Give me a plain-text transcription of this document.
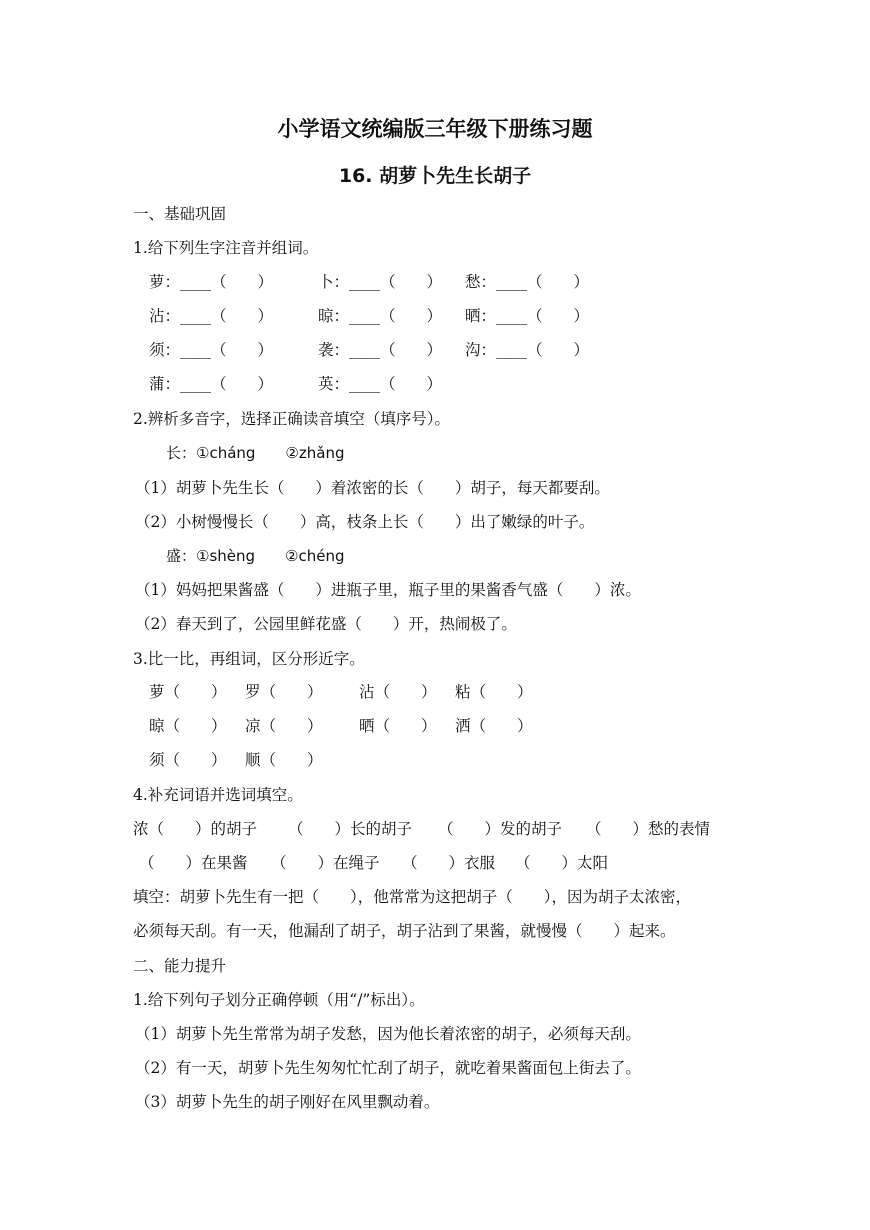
小学语文统编版三年级下册练习题
16. 胡萝卜先生长胡子
一、基础巩固
1.给下列生字注音并组词。
萝：____（　　）	卜：____（　　） 愁：____（　　）
沾：____（　　）	晾：____（　　） 晒：____（　　）
须：____（　　）	袭：____（　　） 沟：____（　　）
蒲：____（　　）	英：____（　　）
2.辨析多音字，选择正确读音填空（填序号）。
长：①cháng　　②zhǎng
（1）胡萝卜先生长（　　）着浓密的长（　　）胡子，每天都要刮。
（2）小树慢慢长（　　）高，枝条上长（　　）出了嫩绿的叶子。
盛：①shèng　　②chéng
（1）妈妈把果酱盛（　　）进瓶子里，瓶子里的果酱香气盛（　　）浓。
（2）春天到了，公园里鲜花盛（　　）开，热闹极了。
3.比一比，再组词，区分形近字。
萝（　　） 罗（　　） 沾（　　） 粘（　　）
晾（　　） 凉（　　） 晒（　　） 洒（　　）
须（　　） 顺（　　）
4.补充词语并选词填空。
浓（　　）的胡子 （　　）长的胡子 （　　）发的胡子 （　　）愁的表情
（　　）在果酱 （　　）在绳子 （　　）衣服 （　　）太阳
填空：胡萝卜先生有一把（　　），他常常为这把胡子（　　），因为胡子太浓密，
必须每天刮。有一天，他漏刮了胡子，胡子沾到了果酱，就慢慢（　　）起来。
二、能力提升
1.给下列句子划分正确停顿（用“/”标出）。
（1）胡萝卜先生常常为胡子发愁，因为他长着浓密的胡子，必须每天刮。
（2）有一天，胡萝卜先生匆匆忙忙刮了胡子，就吃着果酱面包上街去了。
（3）胡萝卜先生的胡子刚好在风里飘动着。
